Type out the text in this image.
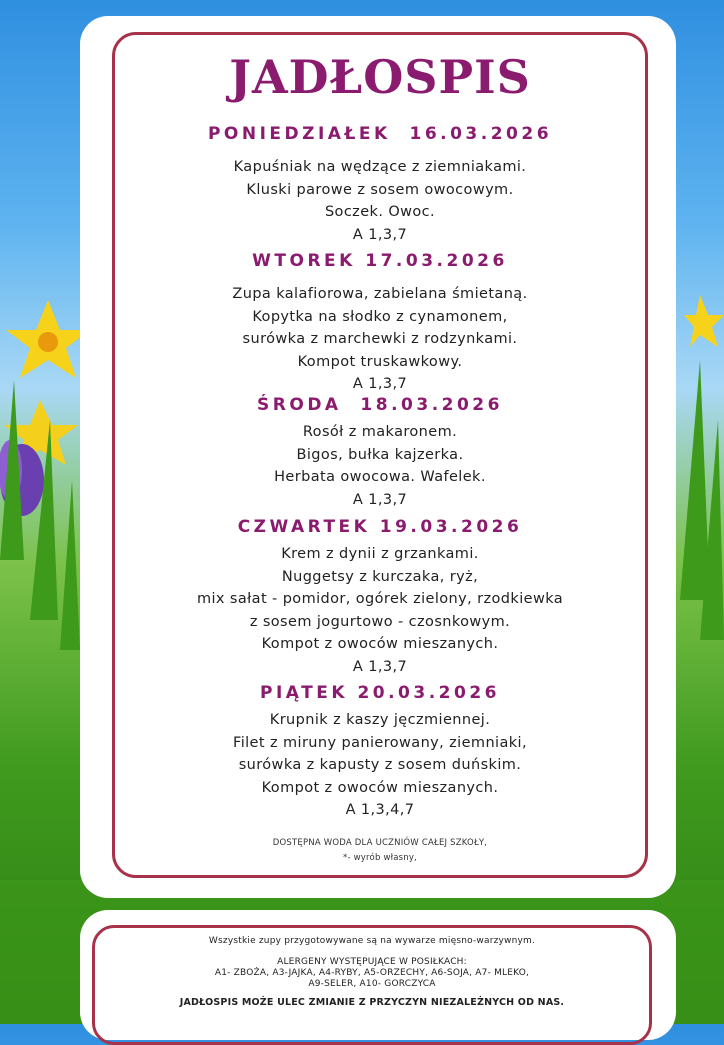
JADŁOSPIS
PONIEDZIAŁEK  16.03.2026
Kapuśniak na wędzące z ziemniakami.
Kluski parowe z sosem owocowym.
Soczek. Owoc.
A 1,3,7
WTOREK 17.03.2026
Zupa kalafiorowa, zabielana śmietaną.
Kopytka na słodko z cynamonem,
surówka z marchewki z rodzynkami.
Kompot truskawkowy.
A 1,3,7
ŚRODA  18.03.2026
Rosół z makaronem.
Bigos, bułka kajzerka.
Herbata owocowa. Wafelek.
A 1,3,7
CZWARTEK 19.03.2026
Krem z dynii z grzankami.
Nuggetsy z kurczaka, ryż,
mix sałat - pomidor, ogórek zielony, rzodkiewka
z sosem jogurtowo - czosnkowym.
Kompot z owoców mieszanych.
A 1,3,7
PIĄTEK 20.03.2026
Krupnik z kaszy jęczmiennej.
Filet z miruny panierowany, ziemniaki,
surówka z kapusty z sosem duńskim.
Kompot z owoców mieszanych.
A 1,3,4,7
DOSTĘPNA WODA DLA UCZNIÓW CAŁEJ SZKOŁY,
*- wyrób własny,
Wszystkie zupy przygotowywane są na wywarze mięsno-warzywnym.
ALERGENY WYSTĘPUJĄCE W POSIŁKACH:
A1- ZBOŻA, A3-JAJKA, A4-RYBY, A5-ORZECHY, A6-SOJA, A7- MLEKO,
A9-SELER, A10- GORCZYCA
JADŁOSPIS MOŻE ULEC ZMIANIE Z PRZYCZYN NIEZALEŻNYCH OD NAS.
